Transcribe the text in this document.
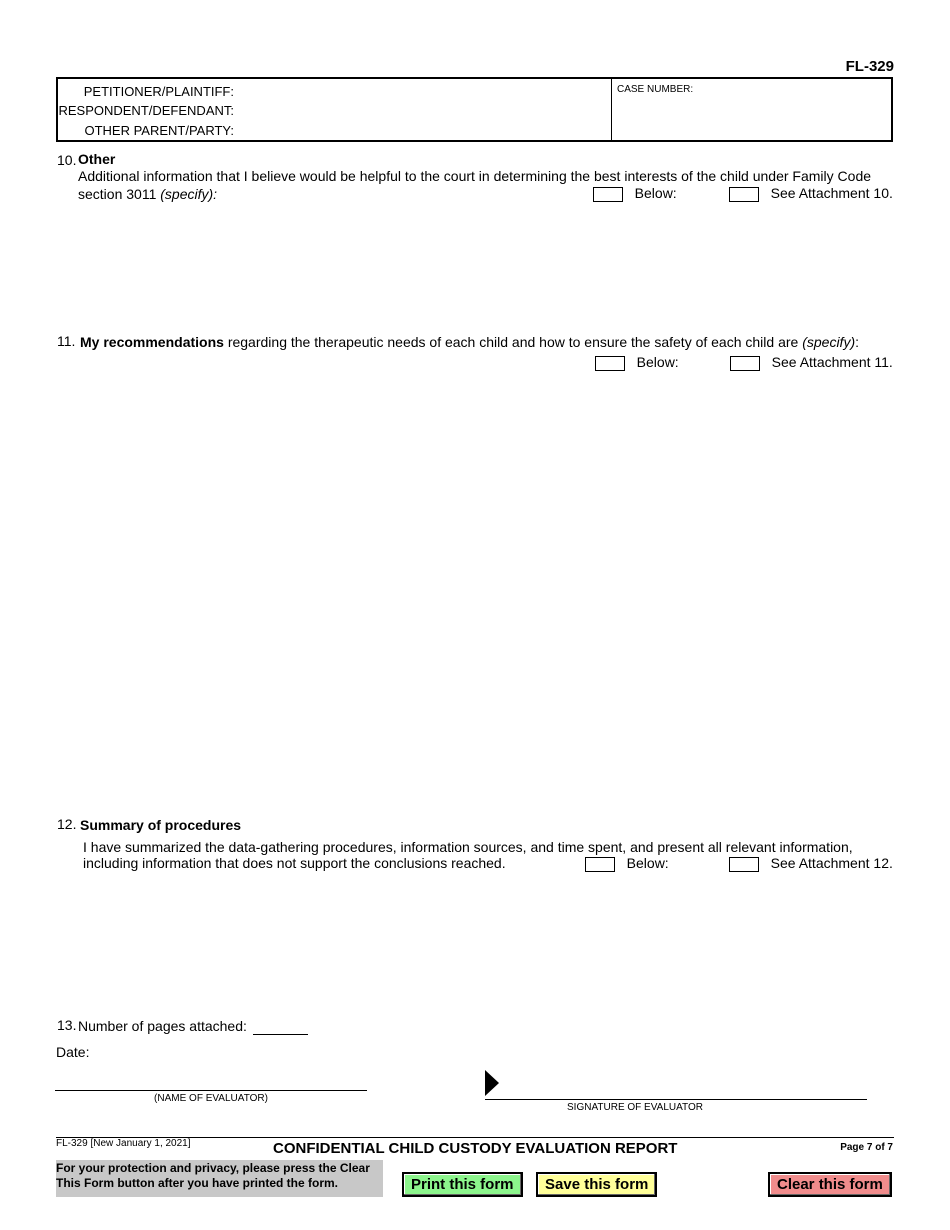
FL-329
PETITIONER/PLAINTIFF:
RESPONDENT/DEFENDANT:
OTHER PARENT/PARTY:
CASE NUMBER:
10. Other
Additional information that I believe would be helpful to the court in determining the best interests of the child under Family Code
section 3011 (specify):	Below:	See Attachment 10.
11. My recommendations regarding the therapeutic needs of each child and how to ensure the safety of each child are (specify):
Below:	See Attachment 11.
12. Summary of procedures
I have summarized the data-gathering procedures, information sources, and time spent, and present all relevant information,
including information that does not support the conclusions reached.	Below:	See Attachment 12.
13. Number of pages attached:
Date:
(NAME OF EVALUATOR)
SIGNATURE OF EVALUATOR
FL-329 [New January 1, 2021]	CONFIDENTIAL CHILD CUSTODY EVALUATION REPORT	Page 7 of 7
For your protection and privacy, please press the Clear
This Form button after you have printed the form.	Print this form	Save this form	Clear this form
